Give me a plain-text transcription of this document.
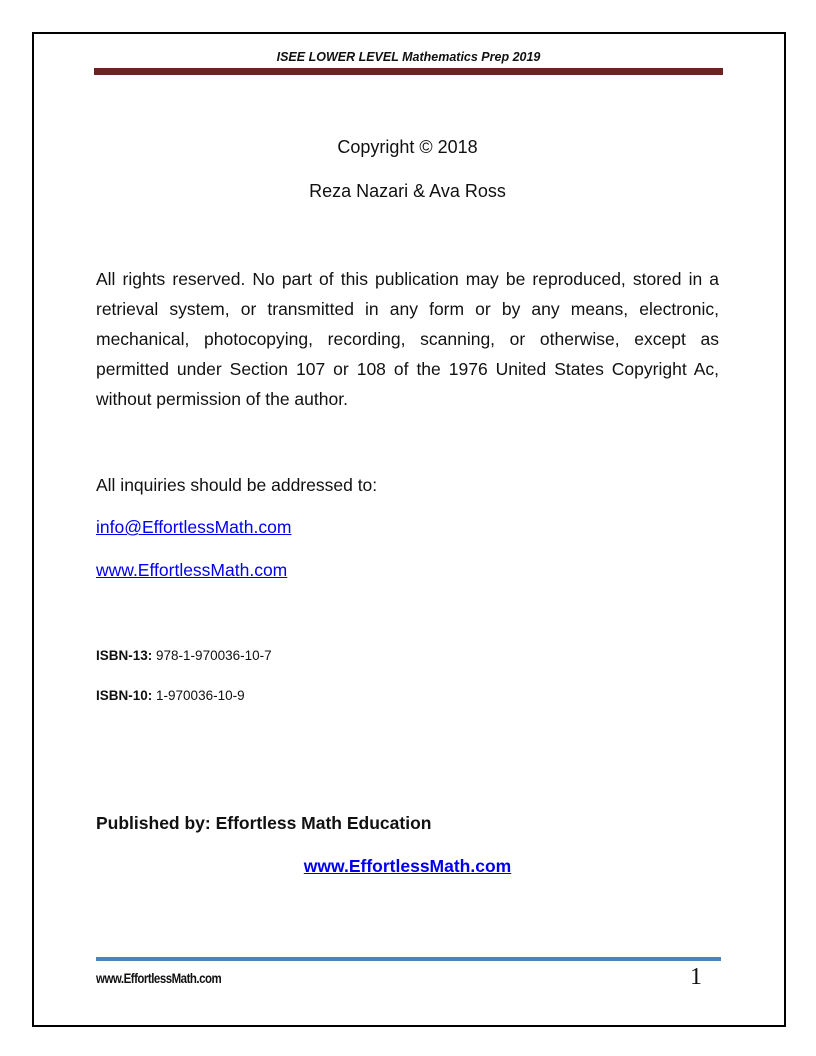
ISEE LOWER LEVEL Mathematics Prep 2019
Copyright © 2018
Reza Nazari & Ava Ross
All rights reserved. No part of this publication may be reproduced, stored in a retrieval system, or transmitted in any form or by any means, electronic, mechanical, photocopying, recording, scanning, or otherwise, except as permitted under Section 107 or 108 of the 1976 United States Copyright Ac, without permission of the author.
All inquiries should be addressed to:
info@EffortlessMath.com
www.EffortlessMath.com
ISBN-13: 978-1-970036-10-7
ISBN-10: 1-970036-10-9
Published by: Effortless Math Education
www.EffortlessMath.com
www.EffortlessMath.com	1
